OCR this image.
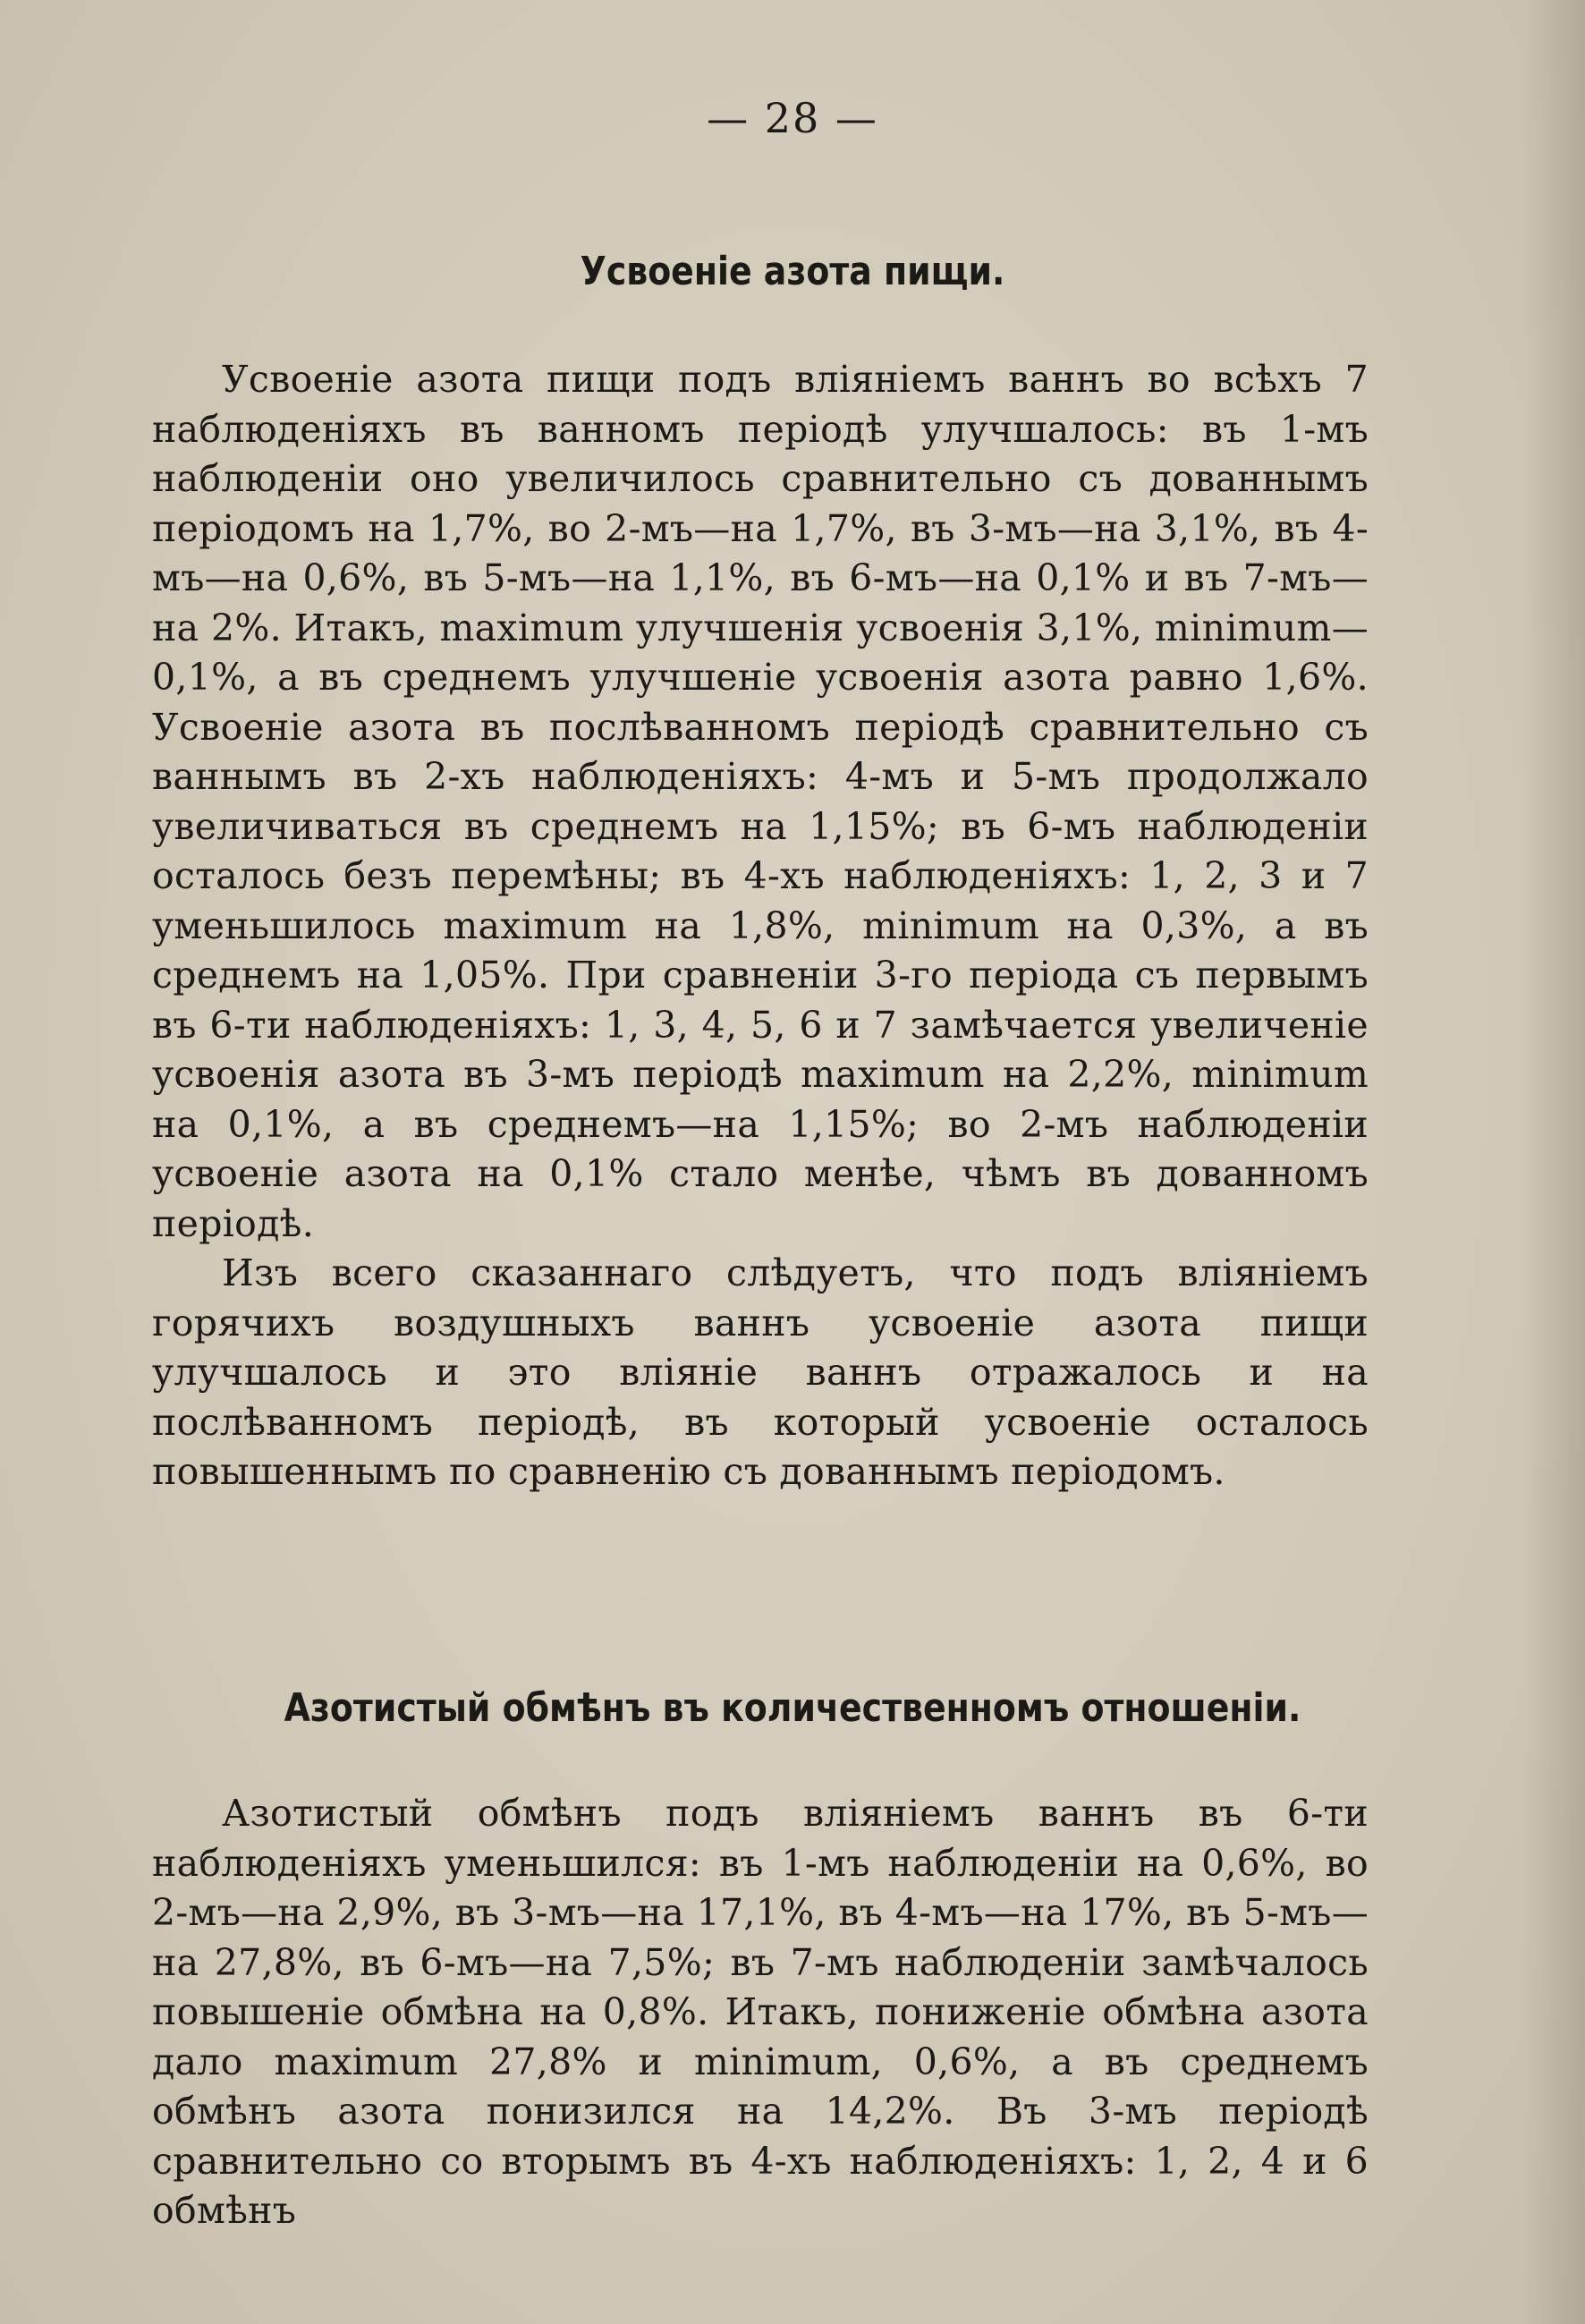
— 28 —
Усвоеніе азота пищи.

Усвоеніе азота пищи подъ вліяніемъ ваннъ во всѣхъ 7 наблюденіяхъ въ ванномъ періодѣ улучшалось: въ 1-мъ наблюденіи оно увеличилось сравнительно съ дованнымъ періодомъ на 1,7%, во 2-мъ—на 1,7%, въ 3-мъ—на 3,1%, въ 4-мъ—на 0,6%, въ 5-мъ—на 1,1%, въ 6-мъ—на 0,1% и въ 7-мъ—на 2%. Итакъ, maximum улучшенія усвоенія 3,1%, minimum—0,1%, а въ среднемъ улучшеніе усвоенія азота равно 1,6%. Усвоеніе азота въ послѣванномъ періодѣ сравнительно съ ваннымъ въ 2-хъ наблюденіяхъ: 4-мъ и 5-мъ продолжало увеличиваться въ среднемъ на 1,15%; въ 6-мъ наблюденіи осталось безъ перемѣны; въ 4-хъ наблюденіяхъ: 1, 2, 3 и 7 уменьшилось maximum на 1,8%, minimum на 0,3%, а въ среднемъ на 1,05%. При сравненіи 3-го періода съ первымъ въ 6-ти наблюденіяхъ: 1, 3, 4, 5, 6 и 7 замѣчается увеличеніе усвоенія азота въ 3-мъ періодѣ maximum на 2,2%, minimum на 0,1%, а въ среднемъ—на 1,15%; во 2-мъ наблюденіи усвоеніе азота на 0,1% стало менѣе, чѣмъ въ дованномъ періодѣ.

Изъ всего сказаннаго слѣдуетъ, что подъ вліяніемъ горячихъ воздушныхъ ваннъ усвоеніе азота пищи улучшалось и это вліяніе ваннъ отражалось и на послѣванномъ періодѣ, въ который усвоеніе осталось повышеннымъ по сравненію съ дованнымъ періодомъ.

Азотистый обмѣнъ въ количественномъ отношеніи.

Азотистый обмѣнъ подъ вліяніемъ ваннъ въ 6-ти наблюденіяхъ уменьшился: въ 1-мъ наблюденіи на 0,6%, во 2-мъ—на 2,9%, въ 3-мъ—на 17,1%, въ 4-мъ—на 17%, въ 5-мъ—на 27,8%, въ 6-мъ—на 7,5%; въ 7-мъ наблюденіи замѣчалось повышеніе обмѣна на 0,8%. Итакъ, пониженіе обмѣна азота дало maximum 27,8% и minimum, 0,6%, а въ среднемъ обмѣнъ азота понизился на 14,2%. Въ 3-мъ періодѣ сравнительно со вторымъ въ 4-хъ наблюденіяхъ: 1, 2, 4 и 6 обмѣнъ
